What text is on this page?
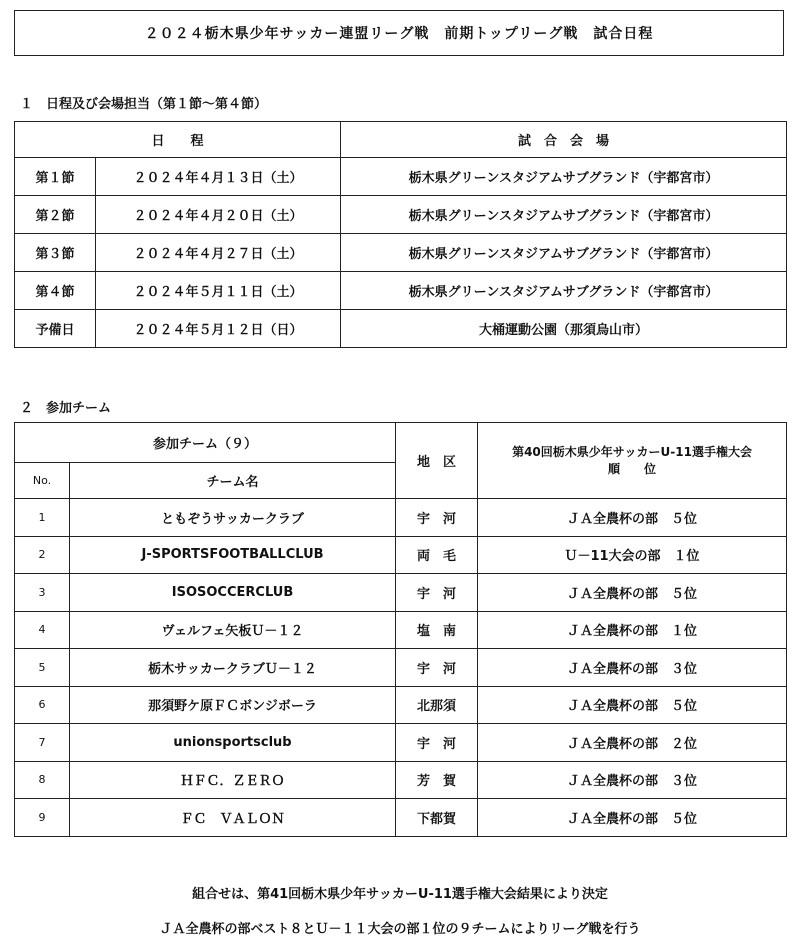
２０２４栃木県少年サッカー連盟リーグ戦　前期トップリーグ戦　試合日程
１　日程及び会場担当（第１節～第４節）
日　　程		試　合　会　場
第１節	２０２４年４月１３日（土）	栃木県グリーンスタジアムサブグランド（宇都宮市）
第２節	２０２４年４月２０日（土）	栃木県グリーンスタジアムサブグランド（宇都宮市）
第３節	２０２４年４月２７日（土）	栃木県グリーンスタジアムサブグランド（宇都宮市）
第４節	２０２４年５月１１日（土）	栃木県グリーンスタジアムサブグランド（宇都宮市）
予備日	２０２４年５月１２日（日）	大桶運動公園（那須烏山市）
２　参加チーム
参加チーム（９）		地　区	第40回栃木県少年サッカーU-11選手権大会
順　　位

No.	チーム名		
1	ともぞうサッカークラブ	宇　河	ＪＡ全農杯の部　５位
2	J-SPORTSFOOTBALLCLUB	両　毛	Ｕ－11大会の部　１位
3	ISOSOCCERCLUB	宇　河	ＪＡ全農杯の部　５位
4	ヴェルフェ矢板Ｕ－１２	塩　南	ＪＡ全農杯の部　１位
5	栃木サッカークラブＵ－１２	宇　河	ＪＡ全農杯の部　３位
6	那須野ケ原ＦＣボンジボーラ	北那須	ＪＡ全農杯の部　５位
7	unionsportsclub	宇　河	ＪＡ全農杯の部　２位
8	ＨＦＣ．ＺＥＲＯ	芳　賀	ＪＡ全農杯の部　３位
9	ＦＣ　ＶＡＬＯＮ	下都賀	ＪＡ全農杯の部　５位
組合せは、第41回栃木県少年サッカーU-11選手権大会結果により決定
ＪＡ全農杯の部ベスト８とＵ－１１大会の部１位の９チームによりリーグ戦を行う
